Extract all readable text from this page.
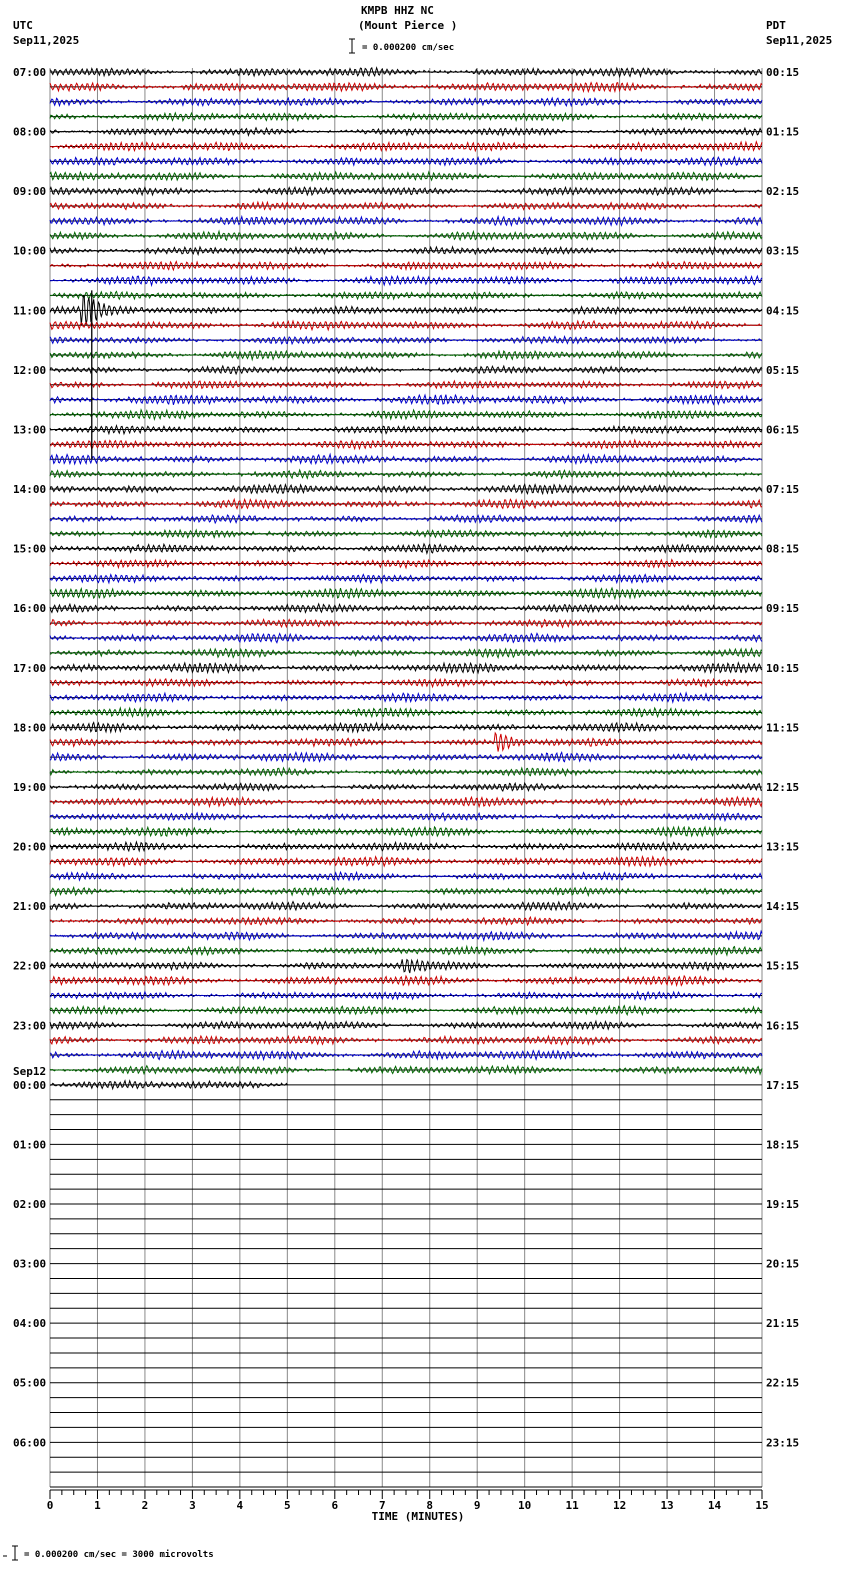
KMPB HHZ NC
(Mount Pierce )
= 0.000200 cm/sec
UTC
Sep11,2025
PDT
Sep11,2025
= 0.000200 cm/sec = 3000 microvolts
07:00
08:00
09:00
10:00
11:00
12:00
13:00
14:00
15:00
16:00
17:00
18:00
19:00
20:00
21:00
22:00
23:00
00:00
01:00
02:00
03:00
04:00
05:00
06:00
00:15
01:15
02:15
03:15
04:15
05:15
06:15
07:15
08:15
09:15
10:15
11:15
12:15
13:15
14:15
15:15
16:15
17:15
18:15
19:15
20:15
21:15
22:15
23:15
Sep12
0	1	2	3	4	5	6	7	8	9	10	11	12	13	14	15
TIME (MINUTES)
